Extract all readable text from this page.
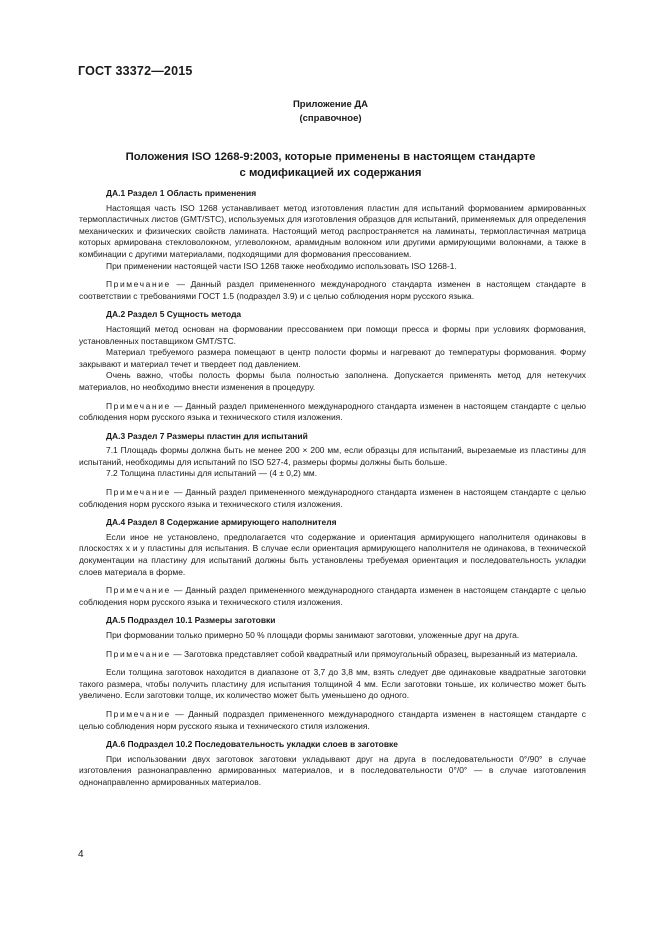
ГОСТ 33372—2015
Приложение ДА
(справочное)
Положения ISO 1268-9:2003, которые применены в настоящем стандарте
с модификацией их содержания
ДА.1 Раздел 1 Область применения

Настоящая часть ISO 1268 устанавливает метод изготовления пластин для испытаний формованием армированных термопластичных листов (GMT/STC), используемых для изготовления образцов для испытаний, применяемых для определения механических и физических свойств ламината. Настоящий метод распространяется на ламинаты, термопластичная матрица которых армирована стекловолокном, углеволокном, арамидным волокном или другими армирующими волокнами, а также в комбинации с другими материалами, подходящими для формования прессованием.

При применении настоящей части ISO 1268 также необходимо использовать ISO 1268-1.

Примечание — Данный раздел примененного международного стандарта изменен в настоящем стандарте в соответствии с требованиями ГОСТ 1.5 (подраздел 3.9) и с целью соблюдения норм русского языка.

ДА.2 Раздел 5 Сущность метода

Настоящий метод основан на формовании прессованием при помощи пресса и формы при условиях формования, установленных поставщиком GMT/STC.

Материал требуемого размера помещают в центр полости формы и нагревают до температуры формования. Форму закрывают и материал течет и твердеет под давлением.

Очень важно, чтобы полость формы была полностью заполнена. Допускается применять метод для нетекучих материалов, но необходимо внести изменения в процедуру.

Примечание — Данный раздел примененного международного стандарта изменен в настоящем стандарте с целью соблюдения норм русского языка и технического стиля изложения.

ДА.3 Раздел 7 Размеры пластин для испытаний

7.1 Площадь формы должна быть не менее 200 × 200 мм, если образцы для испытаний, вырезаемые из пластины для испытаний, необходимы для испытаний по ISO 527-4, размеры формы должны быть больше.

7.2 Толщина пластины для испытаний — (4 ± 0,2) мм.

Примечание — Данный раздел примененного международного стандарта изменен в настоящем стандарте с целью соблюдения норм русского языка и технического стиля изложения.

ДА.4 Раздел 8 Содержание армирующего наполнителя

Если иное не установлено, предполагается что содержание и ориентация армирующего наполнителя одинаковы в плоскостях x и y пластины для испытания. В случае если ориентация армирующего наполнителя не одинакова, в технической документации на пластину для испытаний должны быть установлены требуемая ориентация и последовательность укладки слоев материала в форме.

Примечание — Данный раздел примененного международного стандарта изменен в настоящем стандарте с целью соблюдения норм русского языка и технического стиля изложения.

ДА.5 Подраздел 10.1 Размеры заготовки

При формовании только примерно 50 % площади формы занимают заготовки, уложенные друг на друга.

Примечание — Заготовка представляет собой квадратный или прямоугольный образец, вырезанный из материала.

Если толщина заготовок находится в диапазоне от 3,7 до 3,8 мм, взять следует две одинаковые квадратные заготовки такого размера, чтобы получить пластину для испытания толщиной 4 мм. Если заготовки тоньше, их количество может быть увеличено. Если заготовки толще, их количество может быть уменьшено до одного.

Примечание — Данный подраздел примененного международного стандарта изменен в настоящем стандарте с целью соблюдения норм русского языка и технического стиля изложения.

ДА.6 Подраздел 10.2 Последовательность укладки слоев в заготовке

При использовании двух заготовок заготовки укладывают друг на друга в последовательности 0°/90° в случае изготовления разнонаправленно армированных материалов, и в последовательности 0°/0° — в случае изготовления однонаправленно армированных материалов.

4
